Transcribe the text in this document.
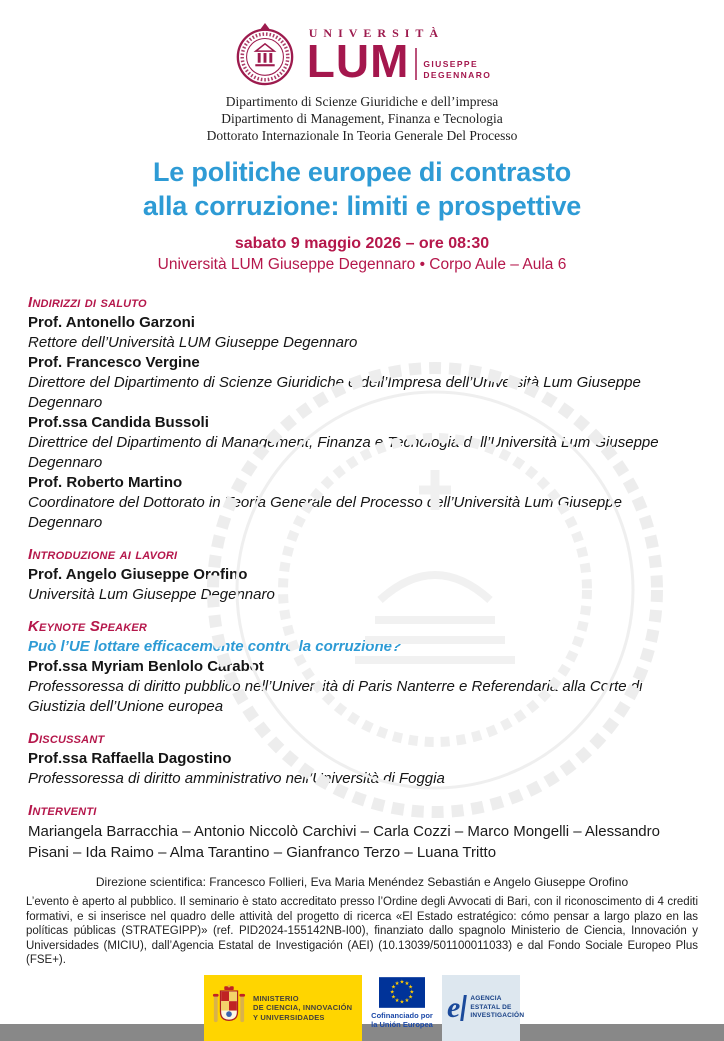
UNIVERSITÀ
LUM GIUSEPPE
DEGENNARO
Dipartimento di Scienze Giuridiche e dell’impresa
Dipartimento di Management, Finanza e Tecnologia
Dottorato Internazionale In Teoria Generale Del Processo
Le politiche europee di contrasto
alla corruzione: limiti e prospettive
sabato 9 maggio 2026 – ore 08:30
Università LUM Giuseppe Degennaro • Corpo Aule – Aula 6
Indirizzi di saluto
Prof. Antonello Garzoni
Rettore dell’Università LUM Giuseppe Degennaro
Prof. Francesco Vergine
Direttore del Dipartimento di Scienze Giuridiche e dell’Impresa dell’Università Lum Giuseppe Degennaro
Prof.ssa Candida Bussoli
Direttrice del Dipartimento di Management, Finanza e Tecnologia dell’Università Lum Giuseppe Degennaro
Prof. Roberto Martino
Coordinatore del Dottorato in Teoria Generale del Processo dell’Università Lum Giuseppe Degennaro
Introduzione ai lavori
Prof. Angelo Giuseppe Orofino
Università Lum Giuseppe Degennaro
Keynote Speaker
Può l’UE lottare efficacemente contro la corruzione?
Prof.ssa Myriam Benlolo Carabot
Professoressa di diritto pubblico nell’Università di Paris Nanterre e Referendaria alla Corte di Giustizia dell’Unione europea
Discussant
Prof.ssa Raffaella Dagostino
Professoressa di diritto amministrativo nell’Università di Foggia
Interventi
Mariangela Barracchia – Antonio Niccolò Carchivi – Carla Cozzi – Marco Mongelli – Alessandro Pisani – Ida Raimo – Alma Tarantino – Gianfranco Terzo – Luana Tritto
Direzione scientifica: Francesco Follieri, Eva Maria Menéndez Sebastián e Angelo Giuseppe Orofino
L’evento è aperto al pubblico. Il seminario è stato accreditato presso l’Ordine degli Avvocati di Bari, con il riconoscimento di 4 crediti formativi, e si inserisce nel quadro delle attività del progetto di ricerca «El Estado estratégico: cómo pensar a largo plazo en las políticas públicas (STRATEGIPP)» (ref. PID2024-155142NB-I00), finanziato dallo spagnolo Ministerio de Ciencia, Innovación y Universidades (MICIU), dall’Agencia Estatal de Investigación (AEI) (10.13039/501100011033) e dal Fondo Sociale Europeo Plus (FSE+).
MINISTERIO
DE CIENCIA, INNOVACIÓN
Y UNIVERSIDADES
★ ★
★
★
★
★
★
★
★
★
★
★
Cofinanciado por
la Unión Europea
e AGENCIA
ESTATAL DE
INVESTIGACIÓN
